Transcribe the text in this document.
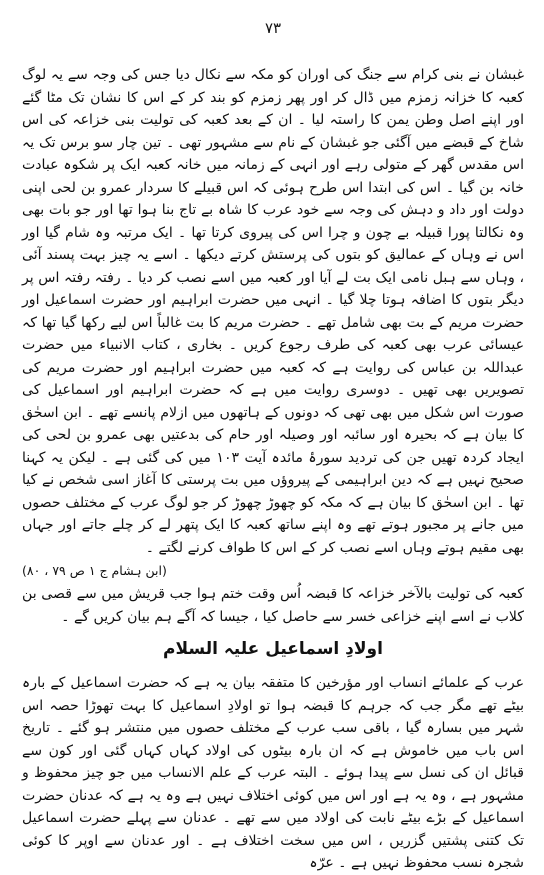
۷۳

غبشان نے بنی کرام سے جنگ کی اوران کو مکہ سے نکال دیا جس کی وجہ سے یہ لوگ کعبہ کا خزانہ زمزم میں ڈال کر اور پھر زمزم کو بند کر کے اس کا نشان تک مٹا گئے اور اپنے اصل وطن یمن کا راستہ لیا ۔ ان کے بعد کعبہ کی تولیت بنی خزاعہ کی اس شاخ کے قبضے میں آگئی جو غبشان کے نام سے مشہور تھی ۔ تین چار سو برس تک یہ اس مقدس گھر کے متولی رہے اور انہی کے زمانہ میں خانہ کعبہ ایک پر شکوہ عبادت خانہ بن گیا ۔ اس کی ابتدا اس طرح ہوئی کہ اس قبیلے کا سردار عمرو بن لحی اپنی دولت اور داد و دہش کی وجہ سے خود عرب کا شاہ بے تاج بنا ہوا تھا اور جو بات بھی وہ نکالتا پورا قبیلہ بے چون و چرا اس کی پیروی کرتا تھا ۔ ایک مرتبہ وہ شام گیا اور اس نے وہاں کے عمالیق کو بتوں کی پرستش کرتے دیکھا ۔ اسے یہ چیز بہت پسند آئی ، وہاں سے ہبل نامی ایک بت لے آیا اور کعبہ میں اسے نصب کر دیا ۔ رفتہ رفتہ اس پر دیگر بتوں کا اضافہ ہوتا چلا گیا ۔ انہی میں حضرت ابراہیم اور حضرت اسماعیل اور حضرت مریم کے بت بھی شامل تھے ۔ حضرت مریم کا بت غالباً اس لیے رکھا گیا تھا کہ عیسائی عرب بھی کعبہ کی طرف رجوع کریں ۔ بخاری ، کتاب الانبیاء میں حضرت عبداللہ بن عباس کی روایت ہے کہ کعبہ میں حضرت ابراہیم اور حضرت مریم کی تصویریں بھی تھیں ۔ دوسری روایت میں ہے کہ حضرت ابراہیم اور اسماعیل کی صورت اس شکل میں بھی تھی کہ دونوں کے ہاتھوں میں ازلام پانسے تھے ۔ ابن اسحٰق کا بیان ہے کہ بحیرہ اور سائبہ اور وصیلہ اور حام کی بدعتیں بھی عمرو بن لحی کی ایجاد کردہ تھیں جن کی تردید سورۂ مائدہ آیت ۱۰۳ میں کی گئی ہے ۔ لیکن یہ کہنا صحیح نہیں ہے کہ دین ابراہیمی کے پیروؤں میں بت پرستی کا آغاز اسی شخص نے کیا تھا ۔ ابن اسحٰق کا بیان ہے کہ مکہ کو چھوڑ چھوڑ کر جو لوگ عرب کے مختلف حصوں میں جانے پر مجبور ہوتے تھے وہ اپنے ساتھ کعبہ کا ایک پتھر لے کر چلے جاتے اور جہاں بھی مقیم ہوتے وہاں اسے نصب کر کے اس کا طواف کرنے لگتے ۔

(ابن ہشام ج ۱ ص ۷۹ ، ۸۰)

کعبہ کی تولیت بالآخر خزاعہ کا قبضہ اُس وقت ختم ہوا جب قریش میں سے قصی بن کلاب نے اسے اپنے خزاعی خسر سے حاصل کیا ، جیسا کہ آگے ہم بیان کریں گے ۔

اولادِ اسماعیل علیہ السلام

عرب کے علمائے انساب اور مؤرخین کا متفقہ بیان یہ ہے کہ حضرت اسماعیل کے بارہ بیٹے تھے مگر جب کہ جرہم کا قبضہ ہوا تو اولادِ اسماعیل کا بہت تھوڑا حصہ اس شہر میں بسارہ گیا ، باقی سب عرب کے مختلف حصوں میں منتشر ہو گئے ۔ تاریخ اس باب میں خاموش ہے کہ ان بارہ بیٹوں کی اولاد کہاں کہاں گئی اور کون سے قبائل ان کی نسل سے پیدا ہوئے ۔ البتہ عرب کے علم الانساب میں جو چیز محفوظ و مشہور ہے ، وہ یہ ہے اور اس میں کوئی اختلاف نہیں ہے وہ یہ ہے کہ عدنان حضرت اسماعیل کے بڑے بیٹے نابت کی اولاد میں سے تھے ۔ عدنان سے پہلے حضرت اسماعیل تک کتنی پشتیں گزریں ، اس میں سخت اختلاف ہے ۔ اور عدنان سے اوپر کا کوئی شجرہ نسب محفوظ نہیں ہے ۔ عرّہ
